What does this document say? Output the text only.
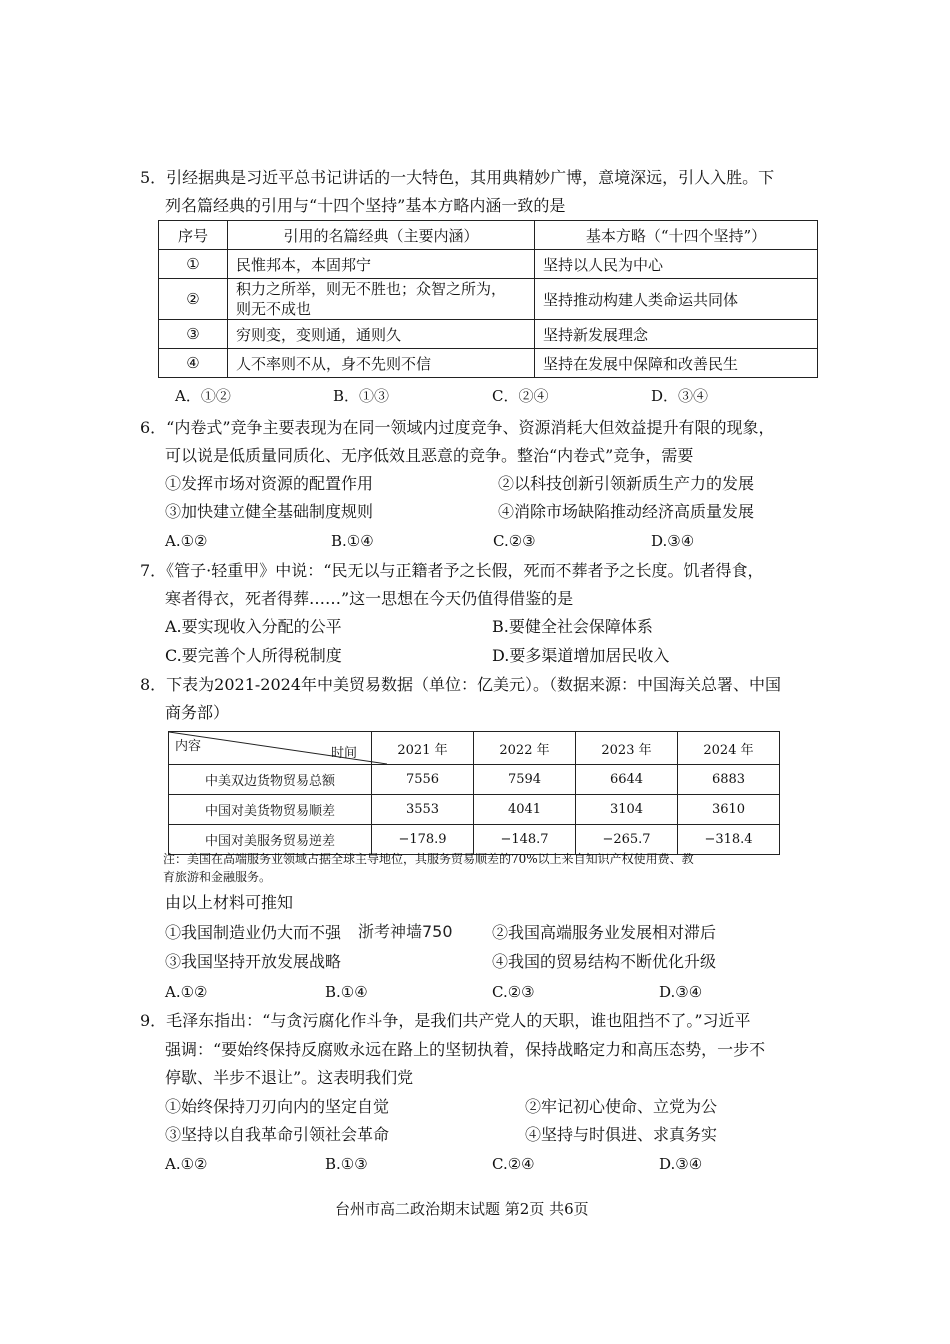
5．引经据典是习近平总书记讲话的一大特色，其用典精妙广博，意境深远，引人入胜。下
列名篇经典的引用与“十四个坚持”基本方略内涵一致的是
序号	引用的名篇经典（主要内涵）	基本方略（“十四个坚持”）
①	民惟邦本，本固邦宁	坚持以人民为中心
②	积力之所举，则无不胜也；众智之所为，
则无不成也	坚持推动构建人类命运共同体
③	穷则变，变则通，通则久	坚持新发展理念
④	人不率则不从，身不先则不信	坚持在发展中保障和改善民生
A．①②	B．①③	C．②④	D．③④
6．“内卷式”竞争主要表现为在同一领域内过度竞争、资源消耗大但效益提升有限的现象，
可以说是低质量同质化、无序低效且恶意的竞争。整治“内卷式”竞争，需要
①发挥市场对资源的配置作用	②以科技创新引领新质生产力的发展
③加快建立健全基础制度规则	④消除市场缺陷推动经济高质量发展
A.①②	B.①④	C.②③	D.③④
7．《管子·轻重甲》中说：“民无以与正籍者予之长假，死而不葬者予之长度。饥者得食，
寒者得衣，死者得葬……”这一思想在今天仍值得借鉴的是
A.要实现收入分配的公平	B.要健全社会保障体系
C.要完善个人所得税制度	D.要多渠道增加居民收入
8．下表为2021-2024年中美贸易数据（单位：亿美元）。（数据来源：中国海关总署、中国
商务部）
内容 时间	2021 年	2022 年	2023 年	2024 年
中美双边货物贸易总额	7556	7594	6644	6883
中国对美货物贸易顺差	3553	4041	3104	3610
中国对美服务贸易逆差	−178.9	−148.7	−265.7	−318.4
注：美国在高端服务业领域占据全球主导地位，其服务贸易顺差的70%以上来自知识产权使用费、教
育旅游和金融服务。
由以上材料可推知
①我国制造业仍大而不强 浙考神墙750 ②我国高端服务业发展相对滞后
③我国坚持开放发展战略	④我国的贸易结构不断优化升级
A.①②	B.①④	C.②③	D.③④
9．毛泽东指出：“与贪污腐化作斗争，是我们共产党人的天职，谁也阻挡不了。”习近平
强调：“要始终保持反腐败永远在路上的坚韧执着，保持战略定力和高压态势，一步不
停歇、半步不退让”。这表明我们党
①始终保持刀刃向内的坚定自觉	②牢记初心使命、立党为公
③坚持以自我革命引领社会革命	④坚持与时俱进、求真务实
A.①②	B.①③	C.②④	D.③④
台州市高二政治期末试题 第2页 共6页
